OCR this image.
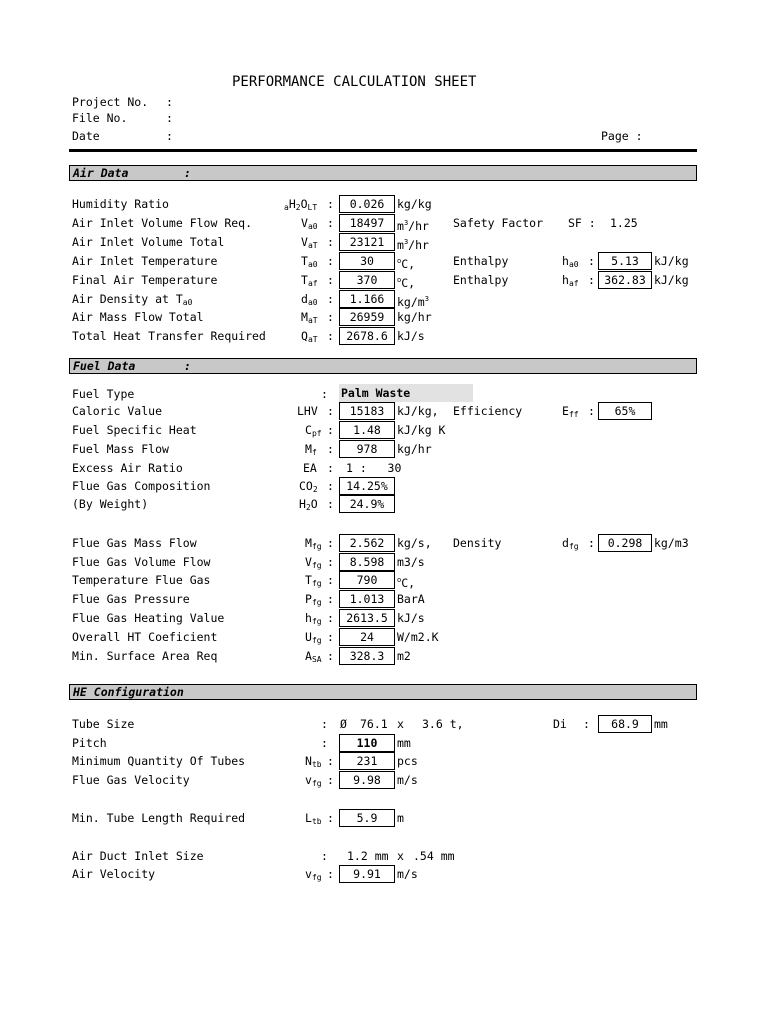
PERFORMANCE CALCULATION SHEET
Project No. :
File No.	:
Date	:	Page :
Air Data	:
Humidity Ratio	$_aH_2O_{LT}$ :	0.026	kg/kg
Air Inlet Volume Flow Req.	$V_{a0}$ :	18497	$m^3/hr$ Safety Factor SF : 1.25
Air Inlet Volume Total	$V_{aT}$ :	23121	$m^3/hr$
Air Inlet Temperature	$T_{a0}$ :	30	$^o$C,	Enthalpy	$h_{a0}$ :	5.13	kJ/kg
Final Air Temperature	$T_{af}$ :	370	$^o$C,	Enthalpy	$h_{af}$ : 362.83 kJ/kg
Air Density at $T_{a0}$	$d_{a0}$ :	1.166	$kg/m^3$
Air Mass Flow Total	$M_{aT}$ :	26959	kg/hr
Total Heat Transfer Required	$Q_{aT}$ :	2678.6 kJ/s
Fuel Data	:
Fuel Type	: Palm Waste
Caloric Value	LHV :	15183	kJ/kg, Efficiency	$E_{ff}$ :	65%
Fuel Specific Heat	$C_{pf}$ :	1.48	kJ/kg K
Fuel Mass Flow	$M_f$ :	978	kg/hr
Excess Air Ratio	EA : 1 :   30
Flue Gas Composition	$CO_2$ :	14.25%
(By Weight)	$H_2O$ :	24.9%
Flue Gas Mass Flow	$M_{fg}$ :	2.562	kg/s, Density	$d_{fg}$ :	0.298	kg/m3
Flue Gas Volume Flow	$V_{fg}$ :	8.598	m3/s
Temperature Flue Gas	$T_{fg}$ :	790	$^o$C,
Flue Gas Pressure	$P_{fg}$ :	1.013	BarA
Flue Gas Heating Value	$h_{fg}$ :	2613.5 kJ/s
Overall HT Coeficient	$U_{fg}$ :	24	W/m2.K
Min. Surface Area Req	$A_{SA}$ :	328.3	m2
HE Configuration
Tube Size	: Ø 76.1 x 3.6 t,	Di :	68.9	mm
Pitch	:	110	mm
Minimum Quantity Of Tubes	$N_{tb}$ :	231	pcs
Flue Gas Velocity	$v_{fg}$ :	9.98	m/s
Min. Tube Length Required	$L_{tb}$ :	5.9	m
Air Duct Inlet Size	: 1.2 mm x .54 mm
Air Velocity	$v_{fg}$ :	9.91	m/s
